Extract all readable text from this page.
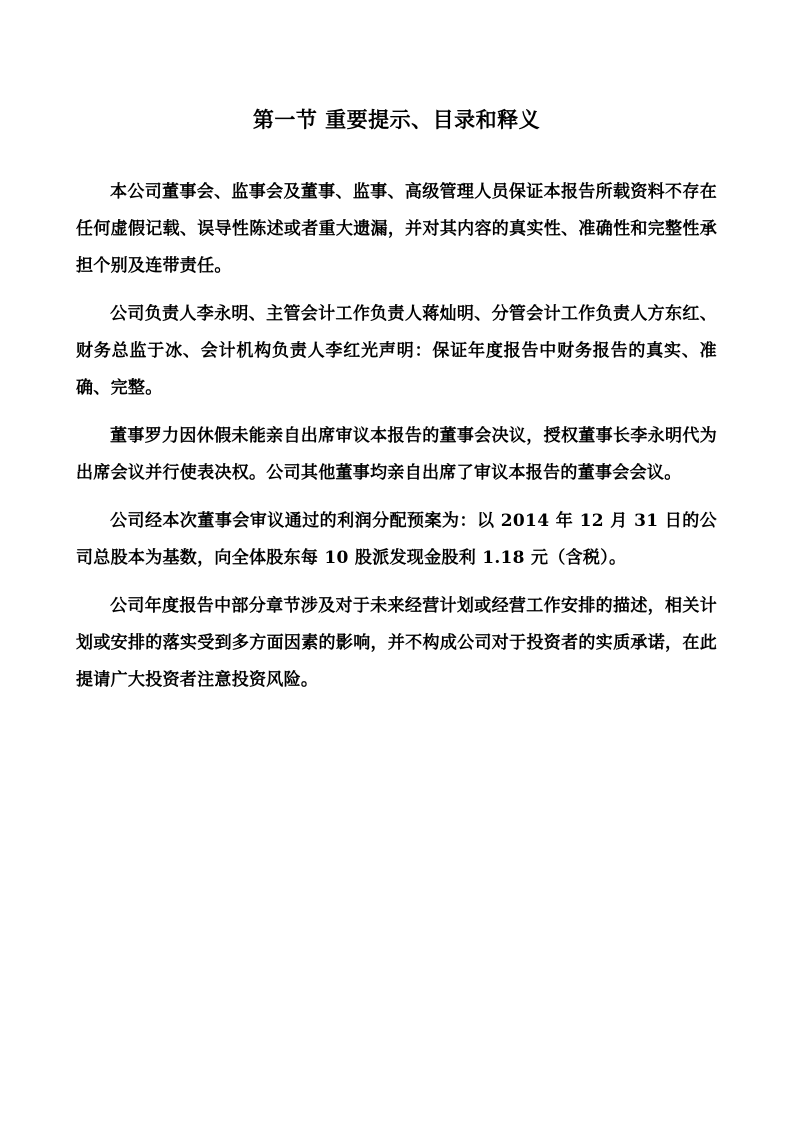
第一节 重要提示、目录和释义

本公司董事会、监事会及董事、监事、高级管理人员保证本报告所载资料不存在任何虚假记载、误导性陈述或者重大遗漏，并对其内容的真实性、准确性和完整性承担个别及连带责任。

公司负责人李永明、主管会计工作负责人蒋灿明、分管会计工作负责人方东红、财务总监于冰、会计机构负责人李红光声明：保证年度报告中财务报告的真实、准确、完整。

董事罗力因休假未能亲自出席审议本报告的董事会决议，授权董事长李永明代为出席会议并行使表决权。公司其他董事均亲自出席了审议本报告的董事会会议。

公司经本次董事会审议通过的利润分配预案为：以 2014 年 12 月 31 日的公司总股本为基数，向全体股东每 10 股派发现金股利 1.18 元（含税）。

公司年度报告中部分章节涉及对于未来经营计划或经营工作安排的描述，相关计划或安排的落实受到多方面因素的影响，并不构成公司对于投资者的实质承诺，在此提请广大投资者注意投资风险。
